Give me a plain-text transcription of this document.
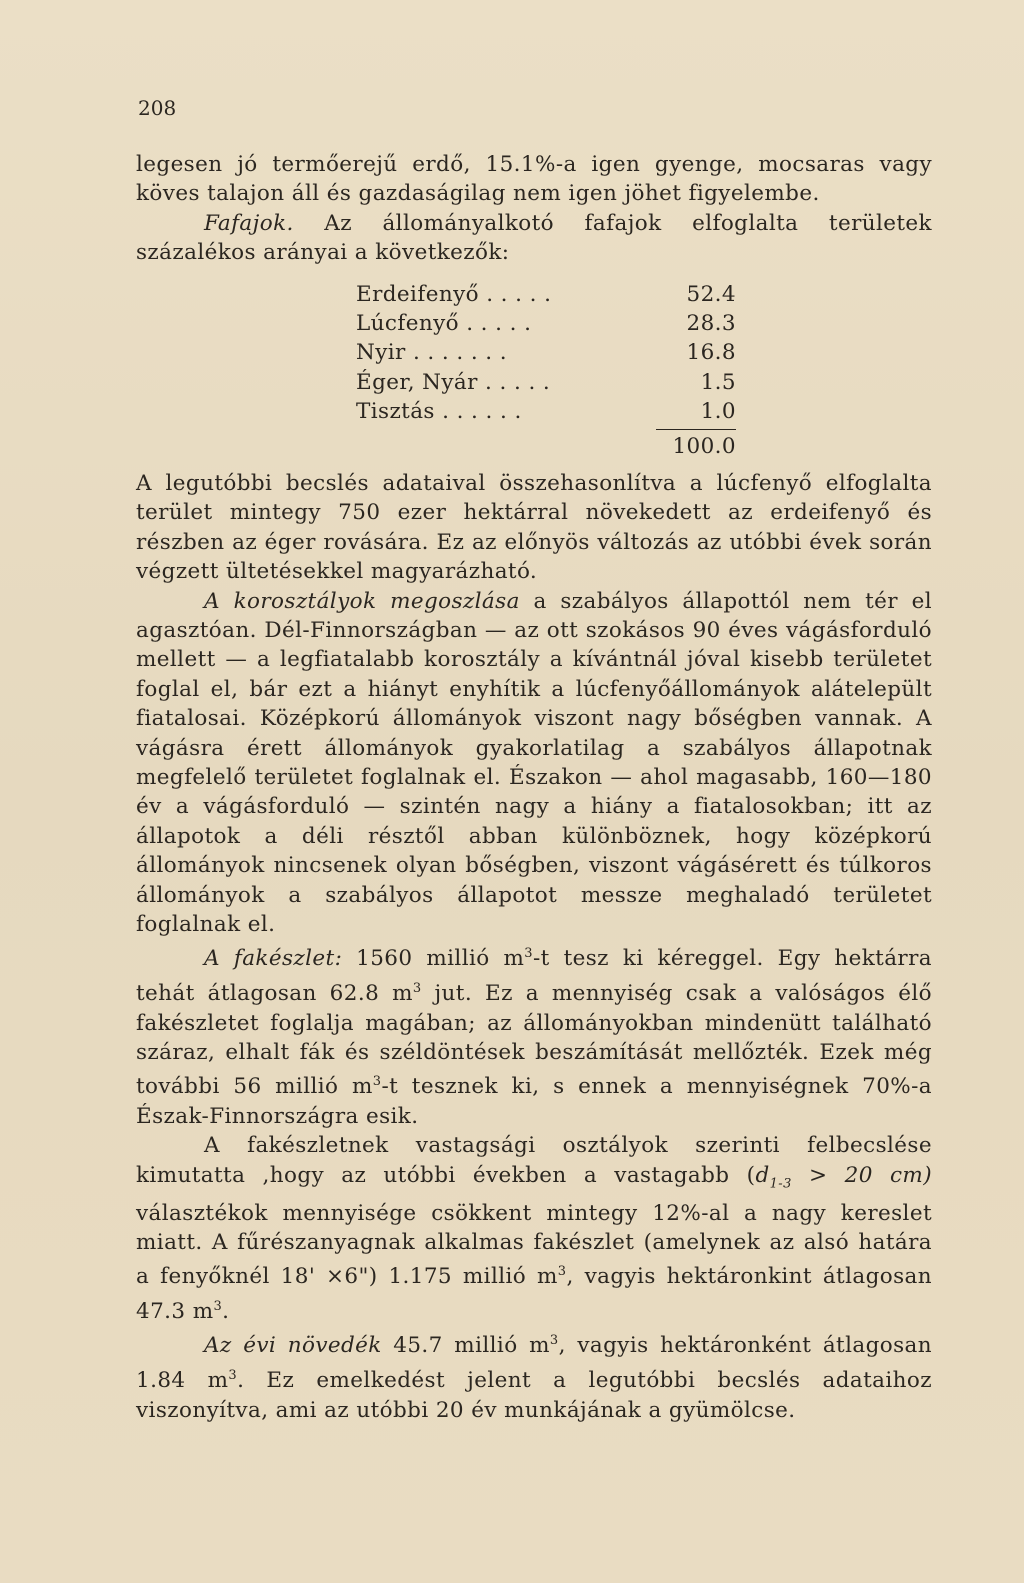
208

legesen jó termőerejű erdő, 15.1%-a igen gyenge, mocsaras vagy köves talajon áll és gazdaságilag nem igen jöhet figyelembe.

Fafajok. Az állományalkotó fafajok elfoglalta területek százalékos arányai a következők:

Erdeifenyő . . . . .	52.4
Lúcfenyő . . . . .	28.3
Nyir . . . . . . .	16.8
Éger, Nyár . . . . .	1.5
Tisztás . . . . . .	1.0
100.0

A legutóbbi becslés adataival összehasonlítva a lúcfenyő elfoglalta terület mintegy 750 ezer hektárral növekedett az erdeifenyő és részben az éger rovására. Ez az előnyös változás az utóbbi évek során végzett ültetésekkel magyarázható.

A korosztályok megoszlása a szabályos állapottól nem tér el agasztóan. Dél-Finnországban — az ott szokásos 90 éves vágásforduló mellett — a legfiatalabb korosztály a kívántnál jóval kisebb területet foglal el, bár ezt a hiányt enyhítik a lúcfenyőállományok alátelepült fiatalosai. Középkorú állományok viszont nagy bőségben vannak. A vágásra érett állományok gyakorlatilag a szabályos állapotnak megfelelő területet foglalnak el. Északon — ahol magasabb, 160—180 év a vágásforduló — szintén nagy a hiány a fiatalosokban; itt az állapotok a déli résztől abban különböznek, hogy középkorú állományok nincsenek olyan bőségben, viszont vágásérett és túlkoros állományok a szabályos állapotot messze meghaladó területet foglalnak el.

A fakészlet: 1560 millió $m^3-t$ tesz ki kéreggel. Egy hektárra tehát átlagosan 62.8 $m^3$ jut. Ez a mennyiség csak a valóságos élő fakészletet foglalja magában; az állományokban mindenütt található száraz, elhalt fák és széldöntések beszámítását mellőzték. Ezek még további 56 millió $m^3-t$ tesznek ki, s ennek a mennyiségnek 70%-a Észak-Finnországra esik.

A fakészletnek vastagsági osztályok szerinti felbecslése kimutatta ,hogy az utóbbi években a vastagabb ($d_{1-3} > 20$ cm) választékok mennyisége csökkent mintegy 12%-al a nagy kereslet miatt. A fűrészanyagnak alkalmas fakészlet (amelynek az alsó határa a fenyőknél 18' ×6") 1.175 millió $m^3$, vagyis hektáronkint átlagosan 47.3 $m^3$.

Az évi növedék 45.7 millió $m^3$, vagyis hektáronként átlagosan 1.84 $m^3$. Ez emelkedést jelent a legutóbbi becslés adataihoz viszonyítva, ami az utóbbi 20 év munkájának a gyümölcse.
